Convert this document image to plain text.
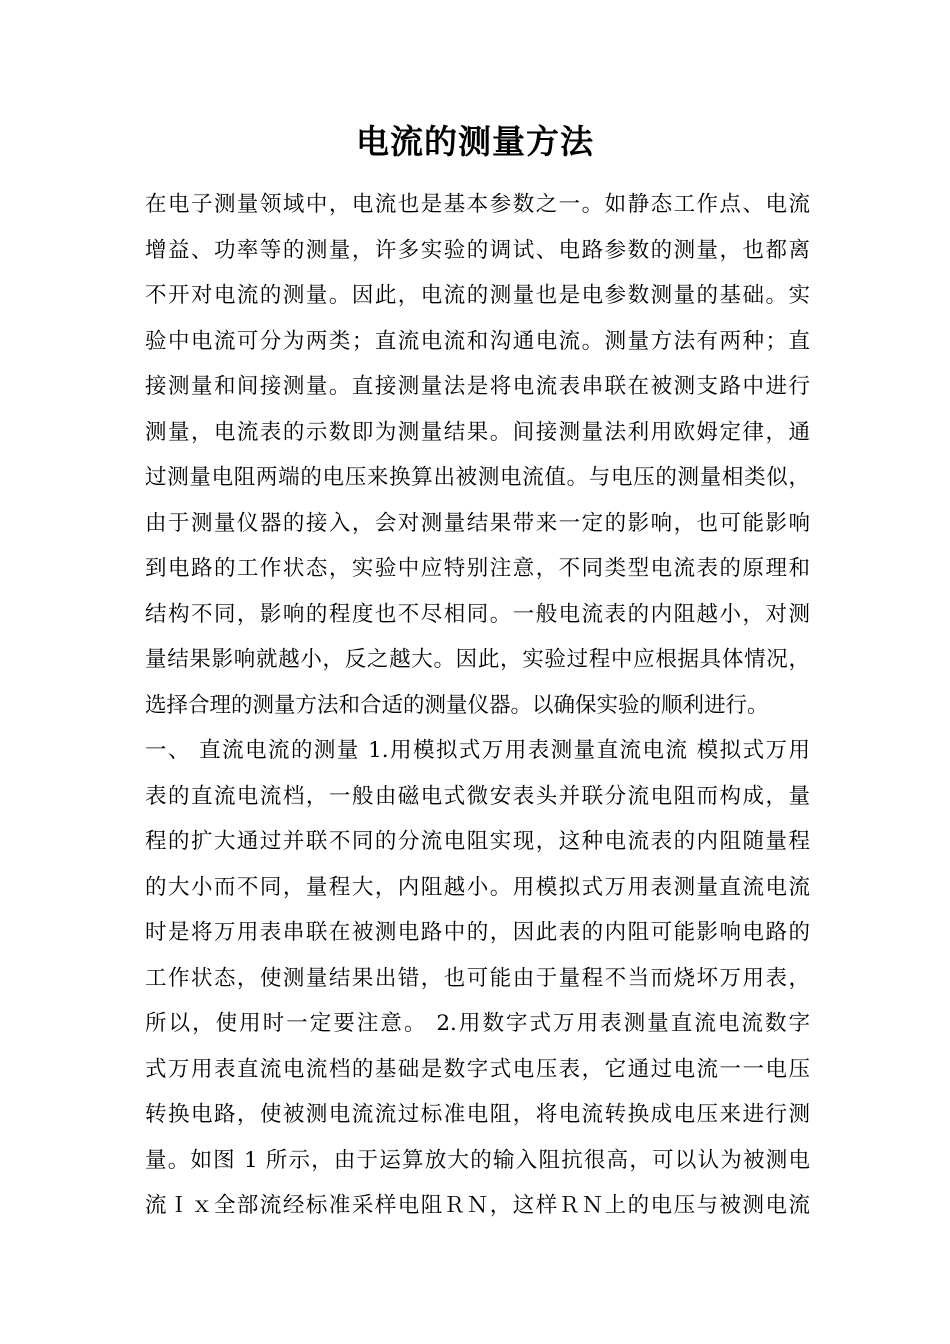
电流的测量方法
在电子测量领域中，电流也是基本参数之一。如静态工作点、电流
增益、功率等的测量，许多实验的调试、电路参数的测量，也都离
不开对电流的测量。因此，电流的测量也是电参数测量的基础。实
验中电流可分为两类；直流电流和沟通电流。测量方法有两种；直
接测量和间接测量。直接测量法是将电流表串联在被测支路中进行
测量，电流表的示数即为测量结果。间接测量法利用欧姆定律，通
过测量电阻两端的电压来换算出被测电流值。与电压的测量相类似，
由于测量仪器的接入，会对测量结果带来一定的影响，也可能影响
到电路的工作状态，实验中应特别注意，不同类型电流表的原理和
结构不同，影响的程度也不尽相同。一般电流表的内阻越小，对测
量结果影响就越小，反之越大。因此，实验过程中应根据具体情况，
选择合理的测量方法和合适的测量仪器。以确保实验的顺利进行。
一、 直流电流的测量 1.用模拟式万用表测量直流电流 模拟式万用
表的直流电流档，一般由磁电式微安表头并联分流电阻而构成，量
程的扩大通过并联不同的分流电阻实现，这种电流表的内阻随量程
的大小而不同，量程大，内阻越小。用模拟式万用表测量直流电流
时是将万用表串联在被测电路中的，因此表的内阻可能影响电路的
工作状态，使测量结果出错，也可能由于量程不当而烧坏万用表，
所以，使用时一定要注意。 2.用数字式万用表测量直流电流数字
式万用表直流电流档的基础是数字式电压表，它通过电流一一电压
转换电路，使被测电流流过标准电阻，将电流转换成电压来进行测
量。如图 1 所示，由于运算放大的输入阻抗很高，可以认为被测电
流Ｉｘ全部流经标准采样电阻ＲＮ，这样ＲＮ上的电压与被测电流
